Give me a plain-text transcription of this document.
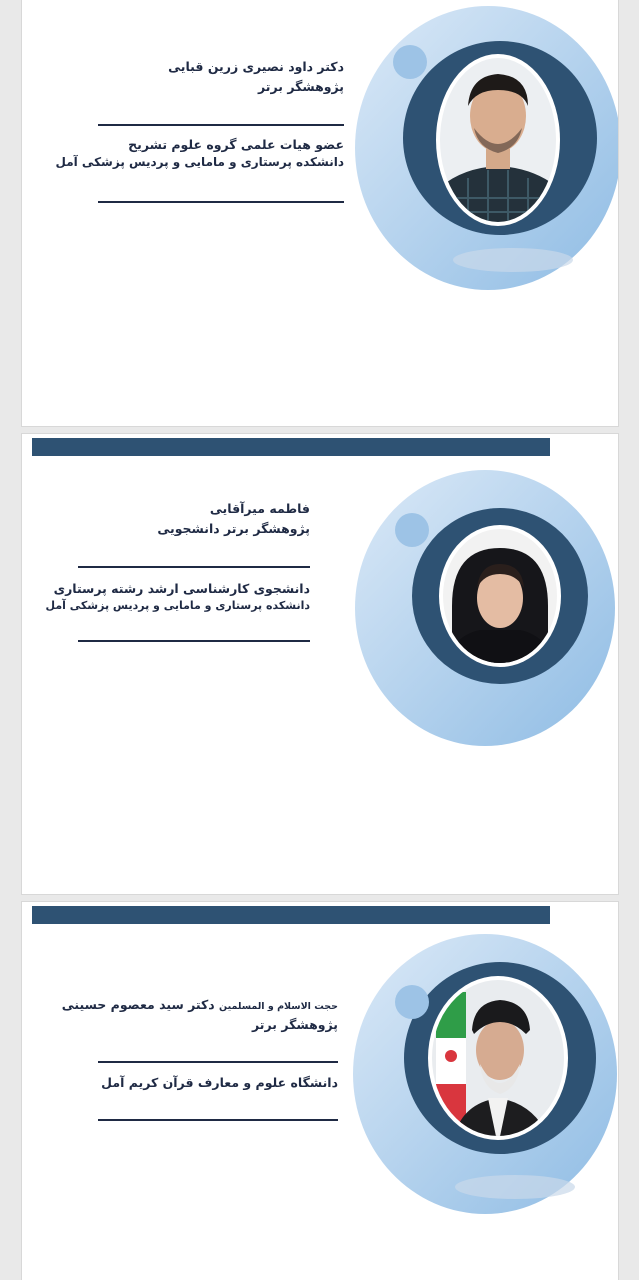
دکتر داود نصیری زرین قبایی
پژوهشگر برتر
عضو هیات علمی گروه علوم تشریح
دانشکده پرستاری و مامایی و پردیس پزشکی آمل
فاطمه میرآقایی
پژوهشگر برتر دانشجویی
دانشجوی کارشناسی ارشد رشته پرستاری
دانشکده پرستاری و مامایی و پردیس پزشکی آمل
حجت الاسلام و المسلمین دکتر سید معصوم حسینی
پژوهشگر برتر
دانشگاه علوم و معارف قرآن کریم آمل
